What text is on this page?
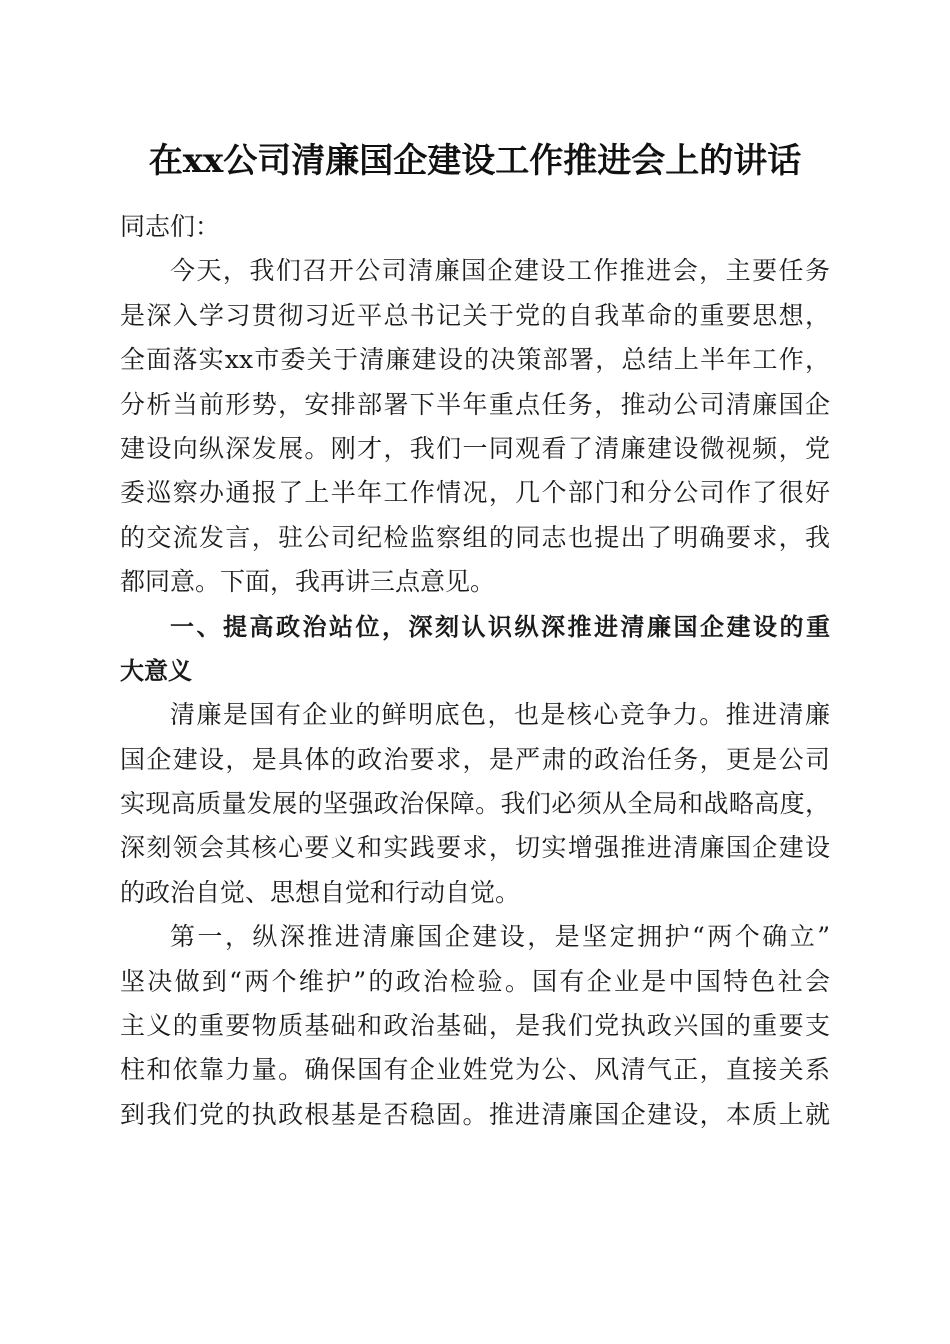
在xx公司清廉国企建设工作推进会上的讲话
同志们：
今天，我们召开公司清廉国企建设工作推进会，主要任务
是深入学习贯彻习近平总书记关于党的自我革命的重要思想，
全面落实xx市委关于清廉建设的决策部署，总结上半年工作，
分析当前形势，安排部署下半年重点任务，推动公司清廉国企
建设向纵深发展。刚才，我们一同观看了清廉建设微视频，党
委巡察办通报了上半年工作情况，几个部门和分公司作了很好
的交流发言，驻公司纪检监察组的同志也提出了明确要求，我
都同意。下面，我再讲三点意见。
一、提高政治站位，深刻认识纵深推进清廉国企建设的重
大意义
清廉是国有企业的鲜明底色，也是核心竞争力。推进清廉
国企建设，是具体的政治要求，是严肃的政治任务，更是公司
实现高质量发展的坚强政治保障。我们必须从全局和战略高度，
深刻领会其核心要义和实践要求，切实增强推进清廉国企建设
的政治自觉、思想自觉和行动自觉。
第一，纵深推进清廉国企建设，是坚定拥护“两个确立”
坚决做到“两个维护”的政治检验。国有企业是中国特色社会
主义的重要物质基础和政治基础，是我们党执政兴国的重要支
柱和依靠力量。确保国有企业姓党为公、风清气正，直接关系
到我们党的执政根基是否稳固。推进清廉国企建设，本质上就
